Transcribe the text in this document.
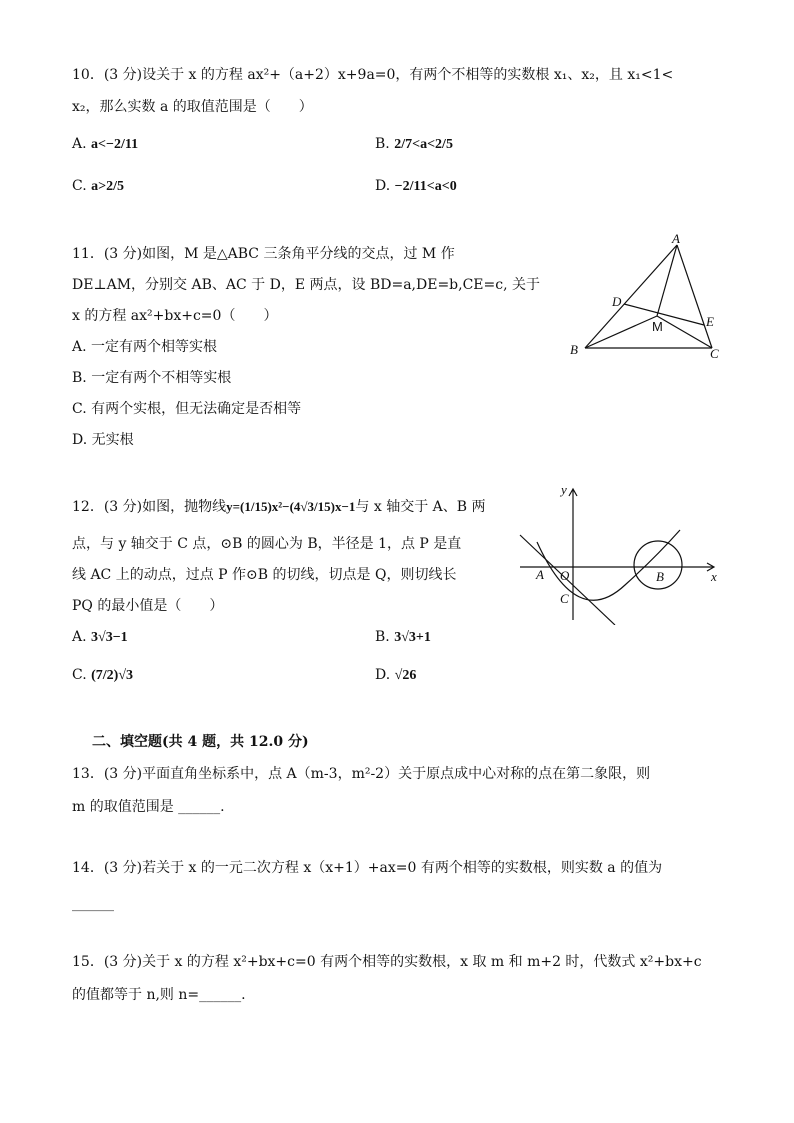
10．(3 分)设关于 x 的方程 ax²+（a+2）x+9a=0，有两个不相等的实数根 x₁、x₂，且 x₁<1<
x₂，那么实数 a 的取值范围是（　　）
A. a<−2/11	B. 2/7<a<2/5
C. a>2/5	D. −2/11<a<0
11．(3 分)如图，M 是△ABC 三条角平分线的交点，过 M 作
DE⊥AM，分别交 AB、AC 于 D，E 两点，设 BD=a,DE=b,CE=c, 关于
x 的方程 ax²+bx+c=0（　　）
A. 一定有两个相等实根
B. 一定有两个不相等实根
C. 有两个实根，但无法确定是否相等
D. 无实根
A
D
M	E
B	C
12．(3 分)如图，抛物线y=(1/15)x²−(4√3/15)x−1与 x 轴交于 A、B 两
点，与 y 轴交于 C 点，⊙B 的圆心为 B，半径是 1，点 P 是直
线 AC 上的动点，过点 P 作⊙B 的切线，切点是 Q，则切线长
PQ 的最小值是（　　）
A. 3√3−1	B. 3√3+1
C. (7/2)√3	D. √26
y
x
A O	B
C
二、填空题(共 4 题，共 12.0 分)
13．(3 分)平面直角坐标系中，点 A（m-3，m²-2）关于原点成中心对称的点在第二象限，则
m 的取值范围是 ______.
14．(3 分)若关于 x 的一元二次方程 x（x+1）+ax=0 有两个相等的实数根，则实数 a 的值为
______
15．(3 分)关于 x 的方程 x²+bx+c=0 有两个相等的实数根，x 取 m 和 m+2 时，代数式 x²+bx+c
的值都等于 n,则 n=______.
